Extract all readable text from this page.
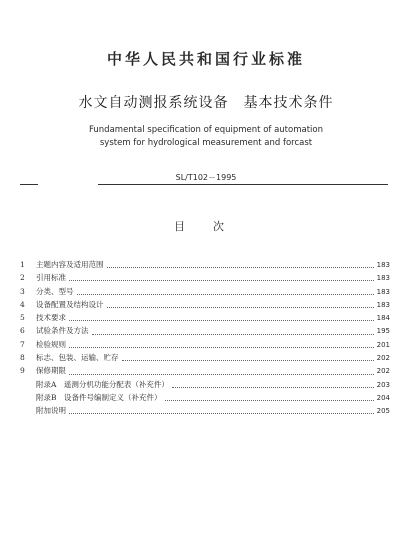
中华人民共和国行业标准
水文自动测报系统设备　基本技术条件
Fundamental specification of equipment of automation
system for hydrological measurement and forcast
SL/T102－1995
目次
1	主题内容及适用范围	183
2	引用标准	183
3	分类、型号	183
4	设备配置及结构设计	183
5	技术要求	184
6	试验条件及方法	195
7	检验规则	201
8	标志、包装、运输、贮存	202
9	保修期限	202
附录A　遥测分机功能分配表（补充件）	203
附录B　设备件号编制定义（补充件）	204
附加说明	205
